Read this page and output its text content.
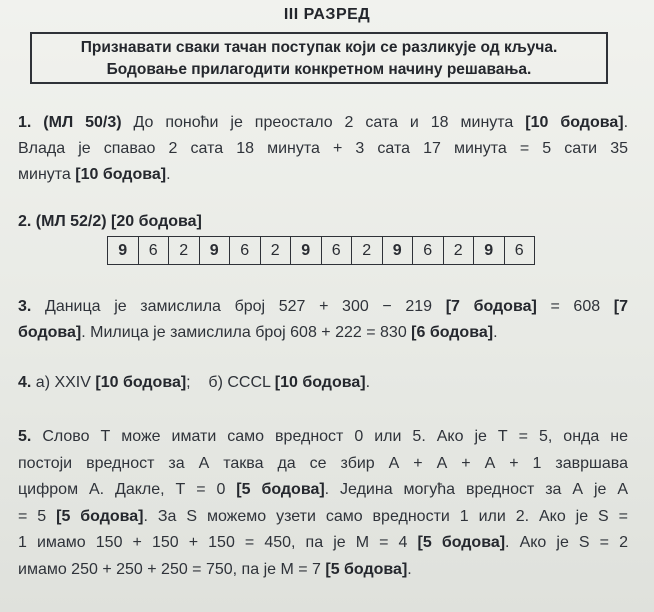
III РАЗРЕД
Признавати сваки тачан поступак који се разликује од кључа.
Бодовање прилагодити конкретном начину решавања.
1. (МЛ 50/3) До поноћи је преостало 2 сата и 18 минута [10 бодова].
Влада је спавао 2 сата 18 минута + 3 сата 17 минута = 5 сати 35
минута [10 бодова].
2. (МЛ 52/2) [20 бодова]
9	6	2	9	6	2	9	6	2	9	6	2	9	6
3. Даница је замислила број 527 + 300 − 219 [7 бодова] = 608 [7
бодова]. Милица је замислила број 608 + 222 = 830 [6 бодова].
4. а) XXIV [10 бодова]; б) CCCL [10 бодова].
5. Слово Т може имати само вредност 0 или 5. Ако је Т = 5, онда не
постоји вредност за А таква да се збир А + А + А + 1 завршава
цифром А. Дакле, Т = 0 [5 бодова]. Једина могућа вредност за А је А
= 5 [5 бодова]. За S можемо узети само вредности 1 или 2. Ако је S =
1 имамо 150 + 150 + 150 = 450, па је М = 4 [5 бодова]. Ако је S = 2
имамо 250 + 250 + 250 = 750, па је М = 7 [5 бодова].
